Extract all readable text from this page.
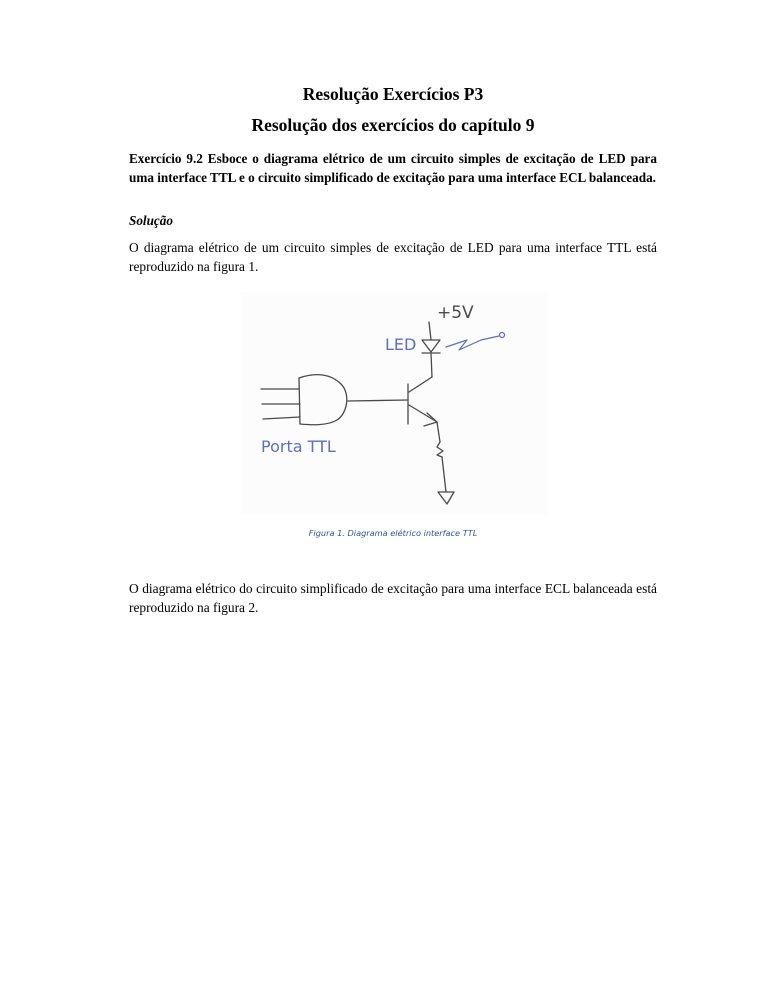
Resolução Exercícios P3
Resolução dos exercícios do capítulo 9

Exercício 9.2 Esboce o diagrama elétrico de um circuito simples de excitação de LED para uma interface TTL e o circuito simplificado de excitação para uma interface ECL balanceada.

Solução

O diagrama elétrico de um circuito simples de excitação de LED para uma interface TTL está reproduzido na figura 1.

Figura 1. Diagrama elétrico interface TTL

O diagrama elétrico do circuito simplificado de excitação para uma interface ECL balanceada está reproduzido na figura 2.

+5V
LED
Porta TTL
